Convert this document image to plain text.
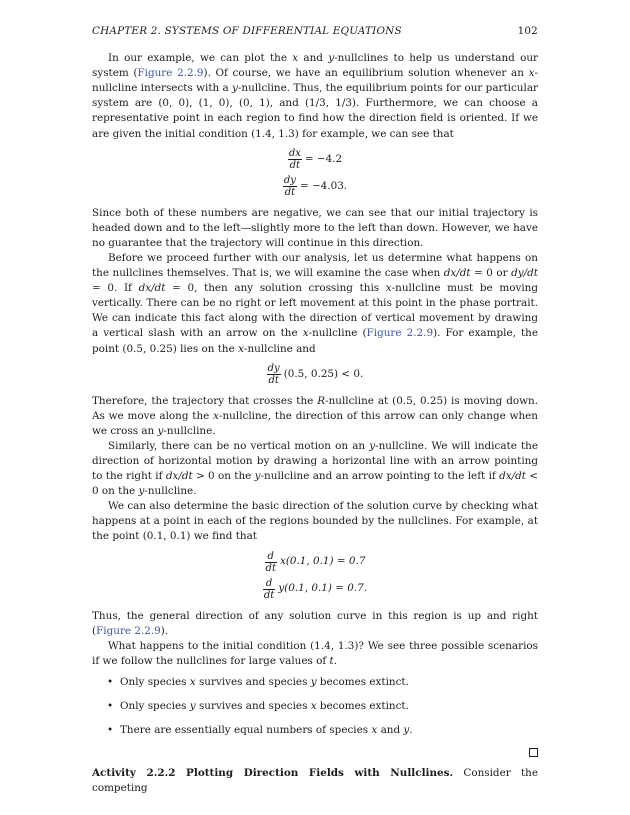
CHAPTER 2. SYSTEMS OF DIFFERENTIAL EQUATIONS	102

In our example, we can plot the x and y-nullclines to help us understand our system (Figure 2.2.9). Of course, we have an equilibrium solution whenever an x-nullcline intersects with a y-nullcline. Thus, the equilibrium points for our particular system are (0, 0), (1, 0), (0, 1), and (1/3, 1/3). Furthermore, we can choose a representative point in each region to find how the direction field is oriented. If we are given the initial condition (1.4, 1.3) for example, we can see that

$\frac{dx}{dt} = -4.2$
$\frac{dy}{dt} = -4.03$.

Since both of these numbers are negative, we can see that our initial trajectory is headed down and to the left—slightly more to the left than down. However, we have no guarantee that the trajectory will continue in this direction.

Before we proceed further with our analysis, let us determine what happens on the nullclines themselves. That is, we will examine the case when dx/dt = 0 or dy/dt = 0. If dx/dt = 0, then any solution crossing this x-nullcline must be moving vertically. There can be no right or left movement at this point in the phase portrait. We can indicate this fact along with the direction of vertical movement by drawing a vertical slash with an arrow on the x-nullcline (Figure 2.2.9). For example, the point (0.5, 0.25) lies on the x-nullcline and

$\frac{dy}{dt} (0.5$, 0.25) < 0.

Therefore, the trajectory that crosses the R-nullcline at (0.5, 0.25) is moving down. As we move along the x-nullcline, the direction of this arrow can only change when we cross an y-nullcline.

Similarly, there can be no vertical motion on an y-nullcline. We will indicate the direction of horizontal motion by drawing a horizontal line with an arrow pointing to the right if dx/dt > 0 on the y-nullcline and an arrow pointing to the left if dx/dt < 0 on the y-nullcline.

We can also determine the basic direction of the solution curve by checking what happens at a point in each of the regions bounded by the nullclines. For example, at the point (0.1, 0.1) we find that

$\frac{d}{dt} x(0.1$, 0.1) = 0.7
$\frac{d}{dt} y(0.1$, 0.1) = 0.7.

Thus, the general direction of any solution curve in this region is up and right (Figure 2.2.9).

What happens to the initial condition (1.4, 1.3)? We see three possible scenarios if we follow the nullclines for large values of t.

• Only species x survives and species y becomes extinct.
• Only species y survives and species x becomes extinct.
• There are essentially equal numbers of species x and y.

Activity 2.2.2 Plotting Direction Fields with Nullclines. Consider the competing
